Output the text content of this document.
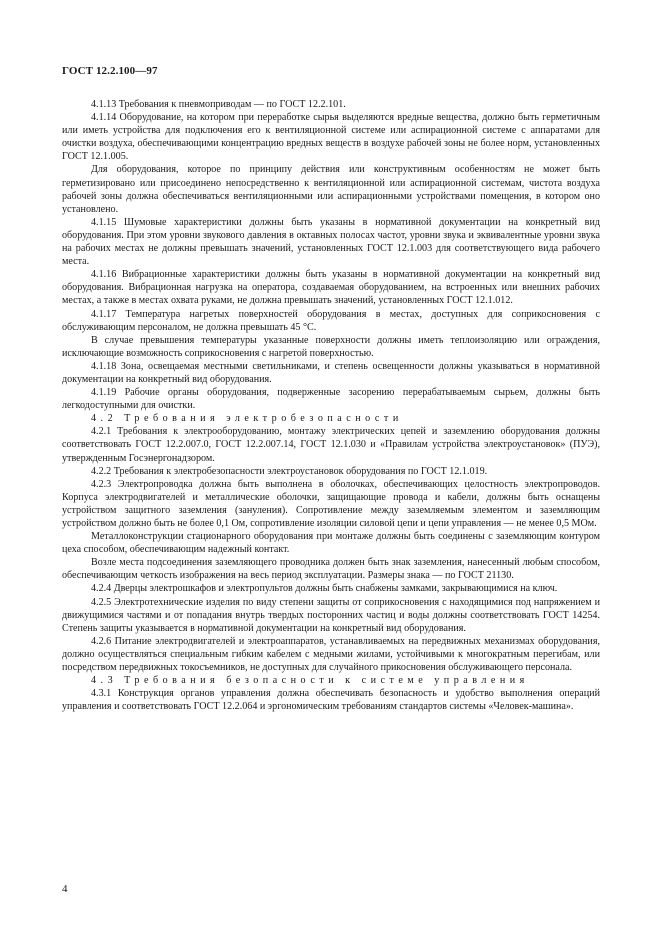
ГОСТ 12.2.100—97

4.1.13 Требования к пневмоприводам — по ГОСТ 12.2.101.

4.1.14 Оборудование, на котором при переработке сырья выделяются вредные вещества, должно быть герметичным или иметь устройства для подключения его к вентиляционной системе или аспирационной системе с аппаратами для очистки воздуха, обеспечивающими концентрацию вредных веществ в воздухе рабочей зоны не более норм, установленных ГОСТ 12.1.005.

Для оборудования, которое по принципу действия или конструктивным особенностям не может быть герметизировано или присоединено непосредственно к вентиляционной или аспирационной системам, чистота воздуха рабочей зоны должна обеспечиваться вентиляционными или аспирационными устройствами помещения, в котором оно установлено.

4.1.15 Шумовые характеристики должны быть указаны в нормативной документации на конкретный вид оборудования. При этом уровни звукового давления в октавных полосах частот, уровни звука и эквивалентные уровни звука на рабочих местах не должны превышать значений, установленных ГОСТ 12.1.003 для соответствующего вида рабочего места.

4.1.16 Вибрационные характеристики должны быть указаны в нормативной документации на конкретный вид оборудования. Вибрационная нагрузка на оператора, создаваемая оборудованием, на встроенных или внешних рабочих местах, а также в местах охвата руками, не должна превышать значений, установленных ГОСТ 12.1.012.

4.1.17 Температура нагретых поверхностей оборудования в местах, доступных для соприкосновения с обслуживающим персоналом, не должна превышать 45 °С.

В случае превышения температуры указанные поверхности должны иметь теплоизоляцию или ограждения, исключающие возможность соприкосновения с нагретой поверхностью.

4.1.18 Зона, освещаемая местными светильниками, и степень освещенности должны указываться в нормативной документации на конкретный вид оборудования.

4.1.19 Рабочие органы оборудования, подверженные засорению перерабатываемым сырьем, должны быть легкодоступными для очистки.

4.2 Требования электробезопасности

4.2.1 Требования к электрооборудованию, монтажу электрических цепей и заземлению оборудования должны соответствовать ГОСТ 12.2.007.0, ГОСТ 12.2.007.14, ГОСТ 12.1.030 и «Правилам устройства электроустановок» (ПУЭ), утвержденным Госэнергонадзором.

4.2.2 Требования к электробезопасности электроустановок оборудования по ГОСТ 12.1.019.

4.2.3 Электропроводка должна быть выполнена в оболочках, обеспечивающих целостность электропроводов. Корпуса электродвигателей и металлические оболочки, защищающие провода и кабели, должны быть оснащены устройством защитного заземления (зануления). Сопротивление между заземляемым элементом и заземляющим устройством должно быть не более 0,1 Ом, сопротивление изоляции силовой цепи и цепи управления — не менее 0,5 МОм.

Металлоконструкции стационарного оборудования при монтаже должны быть соединены с заземляющим контуром цеха способом, обеспечивающим надежный контакт.

Возле места подсоединения заземляющего проводника должен быть знак заземления, нанесенный любым способом, обеспечивающим четкость изображения на весь период эксплуатации. Размеры знака — по ГОСТ 21130.

4.2.4 Дверцы электрошкафов и электропультов должны быть снабжены замками, закрывающимися на ключ.

4.2.5 Электротехнические изделия по виду степени защиты от соприкосновения с находящимися под напряжением и движущимися частями и от попадания внутрь твердых посторонних частиц и воды должны соответствовать ГОСТ 14254. Степень защиты указывается в нормативной документации на конкретный вид оборудования.

4.2.6 Питание электродвигателей и электроаппаратов, устанавливаемых на передвижных механизмах оборудования, должно осуществляться специальным гибким кабелем с медными жилами, устойчивыми к многократным перегибам, или посредством передвижных токосъемников, не доступных для случайного прикосновения обслуживающего персонала.

4.3 Требования безопасности к системе управления

4.3.1 Конструкция органов управления должна обеспечивать безопасность и удобство выполнения операций управления и соответствовать ГОСТ 12.2.064 и эргономическим требованиям стандартов системы «Человек-машина».

4
